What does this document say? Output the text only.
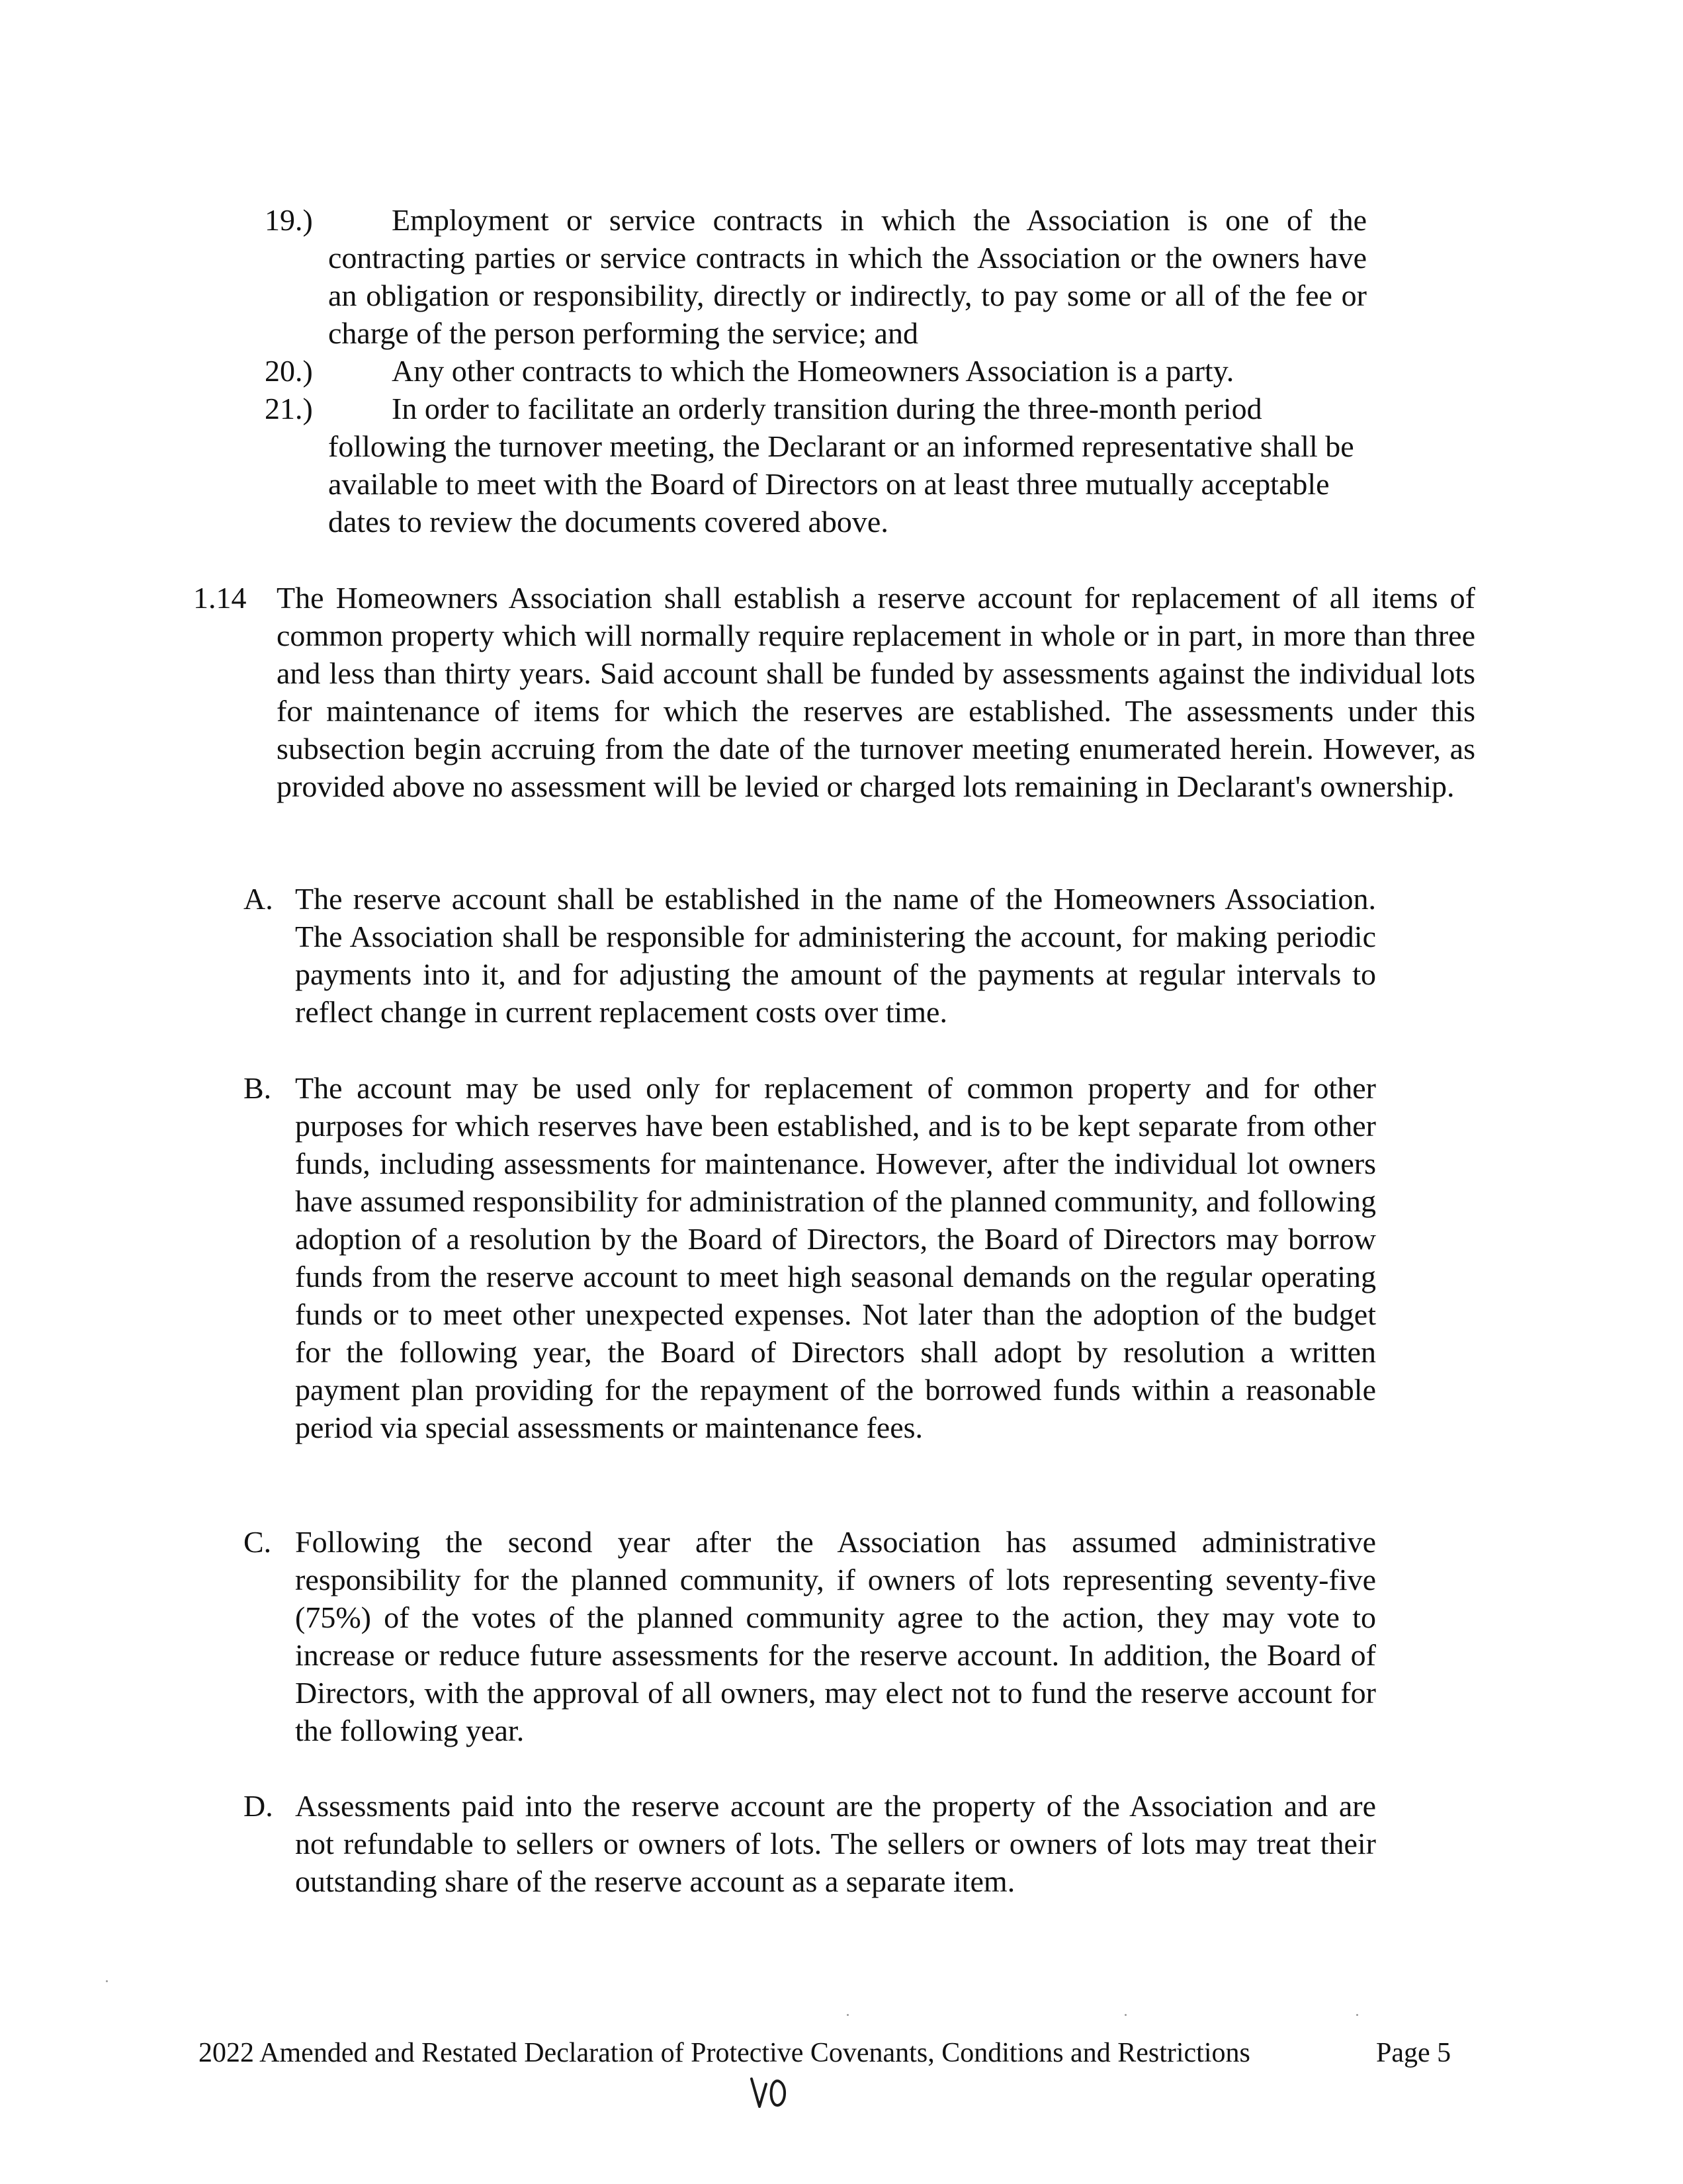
19.)	Employment or service contracts in which the Association is one of the contracting parties or service contracts in which the Association or the owners have an obligation or responsibility, directly or indirectly, to pay some or all of the fee or charge of the person performing the service; and

20.)	Any other contracts to which the Homeowners Association is a party.

21.)	In order to facilitate an orderly transition during the three-month period following the turnover meeting, the Declarant or an informed representative shall be available to meet with the Board of Directors on at least three mutually acceptable dates to review the documents covered above.

1.14 The Homeowners Association shall establish a reserve account for replacement of all items of common property which will normally require replacement in whole or in part, in more than three and less than thirty years. Said account shall be funded by assessments against the individual lots for maintenance of items for which the reserves are established. The assessments under this subsection begin accruing from the date of the turnover meeting enumerated herein. However, as provided above no assessment will be levied or charged lots remaining in Declarant's ownership.

A. The reserve account shall be established in the name of the Homeowners Association. The Association shall be responsible for administering the account, for making periodic payments into it, and for adjusting the amount of the payments at regular intervals to reflect change in current replacement costs over time.

B. The account may be used only for replacement of common property and for other purposes for which reserves have been established, and is to be kept separate from other funds, including assessments for maintenance. However, after the individual lot owners have assumed responsibility for administration of the planned community, and following adoption of a resolution by the Board of Directors, the Board of Directors may borrow funds from the reserve account to meet high seasonal demands on the regular operating funds or to meet other unexpected expenses. Not later than the adoption of the budget for the following year, the Board of Directors shall adopt by resolution a written payment plan providing for the repayment of the borrowed funds within a reasonable period via special assessments or maintenance fees.

C. Following the second year after the Association has assumed administrative responsibility for the planned community, if owners of lots representing seventy-five (75%) of the votes of the planned community agree to the action, they may vote to increase or reduce future assessments for the reserve account. In addition, the Board of Directors, with the approval of all owners, may elect not to fund the reserve account for the following year.

D. Assessments paid into the reserve account are the property of the Association and are not refundable to sellers or owners of lots. The sellers or owners of lots may treat their outstanding share of the reserve account as a separate item.

2022 Amended and Restated Declaration of Protective Covenants, Conditions and Restrictions	Page 5
